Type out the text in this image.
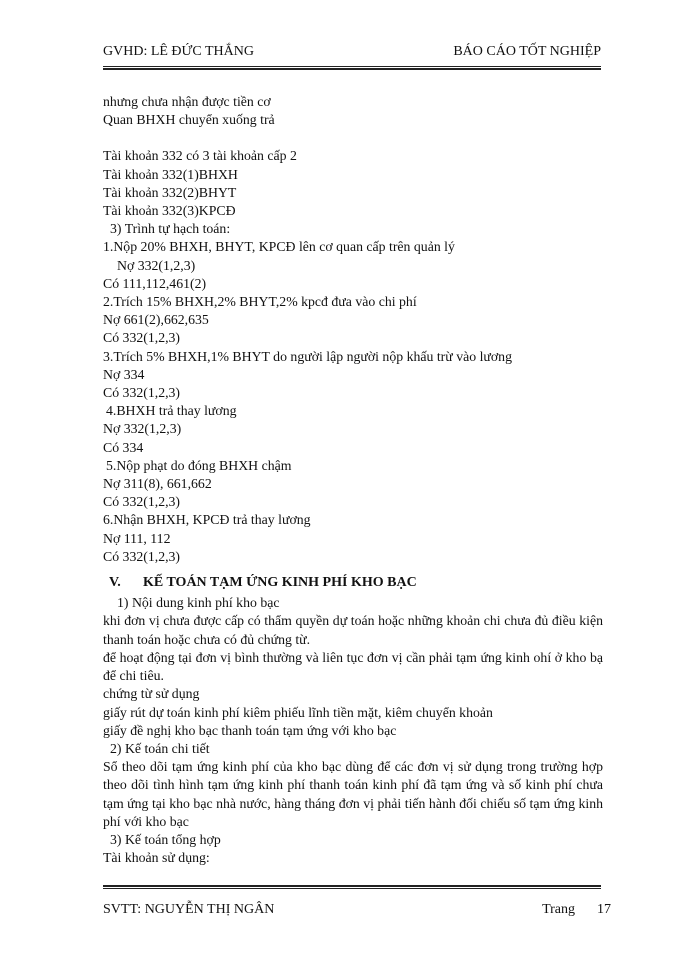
GVHD: LÊ ĐỨC THẮNG	BÁO CÁO TỐT NGHIỆP

nhưng chưa nhận được tiền cơ

Quan BHXH chuyển xuống trả

Tài khoản 332 có 3 tài khoản cấp 2

Tài khoản 332(1)BHXH

Tài khoản 332(2)BHYT

Tài khoản 332(3)KPCĐ

3) Trình tự hạch toán:

1.Nộp 20% BHXH, BHYT, KPCĐ lên cơ quan cấp trên quản lý

Nợ 332(1,2,3)

Có 111,112,461(2)

2.Trích 15% BHXH,2% BHYT,2% kpcđ đưa vào chi phí

Nợ 661(2),662,635

Có 332(1,2,3)

3.Trích 5% BHXH,1% BHYT do người lập người nộp khấu trừ vào lương

Nợ 334

Có 332(1,2,3)

4.BHXH trả thay lương

Nợ 332(1,2,3)

Có 334

5.Nộp phạt do đóng BHXH chậm

Nợ 311(8), 661,662

Có 332(1,2,3)

6.Nhận BHXH, KPCĐ trả thay lương

Nợ 111, 112

Có 332(1,2,3)

V. KẾ TOÁN TẠM ỨNG KINH PHÍ KHO BẠC

1) Nội dung kinh phí kho bạc

khi đơn vị chưa được cấp có thẩm quyền dự toán hoặc những khoản chi chưa đủ điều kiện thanh toán hoặc chưa có đủ chứng từ.

để hoạt động tại đơn vị bình thường và liên tục đơn vị cần phải tạm ứng kinh ohí ở kho bạ để chi tiêu.

chứng từ sử dụng

giấy rút dự toán kinh phí kiêm phiếu lĩnh tiền mặt, kiêm chuyển khoản

giấy đề nghị kho bạc thanh toán tạm ứng với kho bạc

2) Kế toán chi tiết

Sổ theo dõi tạm ứng kinh phí của kho bạc dùng để các đơn vị sử dụng trong trường hợp theo dõi tình hình tạm ứng kinh phí thanh toán kinh phí đã tạm ứng và số kinh phí chưa tạm ứng tại kho bạc nhà nước, hàng tháng đơn vị phải tiến hành đối chiếu số tạm ứng kinh phí với kho bạc

3) Kế toán tổng hợp

Tài khoản sử dụng:

SVTT: NGUYỄN THỊ NGÂN	Trang 17
